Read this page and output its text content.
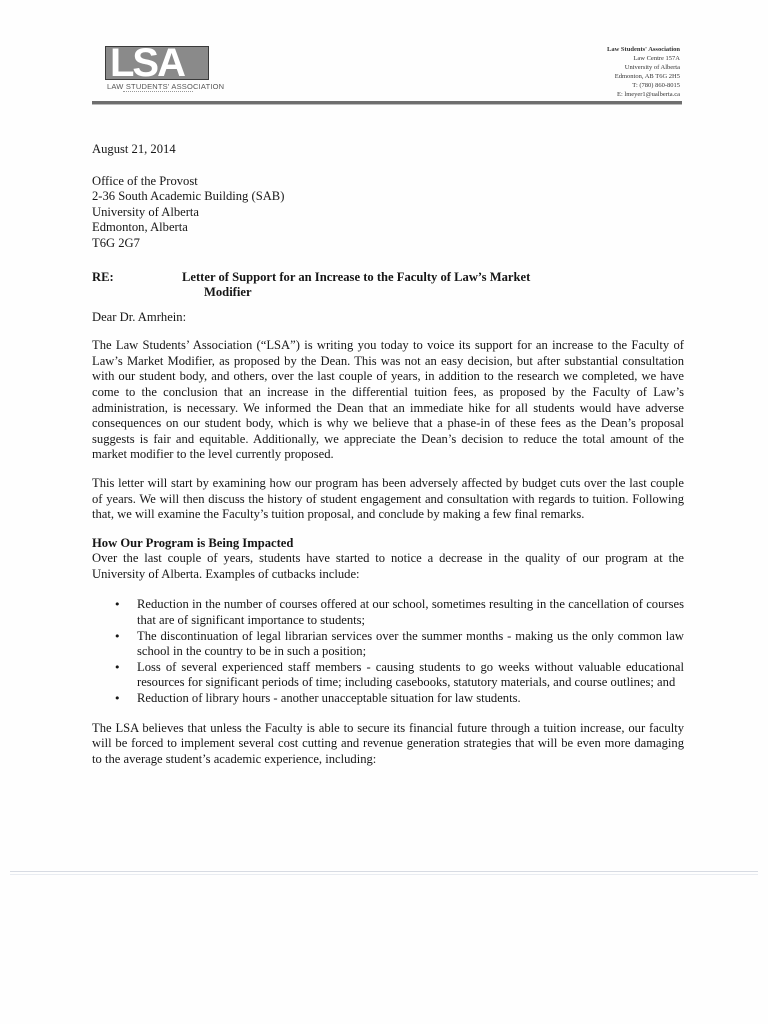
LSA
LAW STUDENTS' ASSOCIATION
Law Students' Association
Law Centre 157A
University of Alberta
Edmonton, AB T6G 2H5
T: (780) 860-8015
E: lmeyer1@ualberta.ca

August 21, 2014

Office of the Provost

2-36 South Academic Building (SAB)

University of Alberta

Edmonton, Alberta

T6G 2G7

RE:	Letter of Support for an Increase to the Faculty of Law’s Market
Modifier

Dear Dr. Amrhein:

The Law Students’ Association (“LSA”) is writing you today to voice its support for an increase to the Faculty of Law’s Market Modifier, as proposed by the Dean. This was not an easy decision, but after substantial consultation with our student body, and others, over the last couple of years, in addition to the research we completed, we have come to the conclusion that an increase in the differential tuition fees, as proposed by the Faculty of Law’s administration, is necessary. We informed the Dean that an immediate hike for all students would have adverse consequences on our student body, which is why we believe that a phase-in of these fees as the Dean’s proposal suggests is fair and equitable. Additionally, we appreciate the Dean’s decision to reduce the total amount of the market modifier to the level currently proposed.

This letter will start by examining how our program has been adversely affected by budget cuts over the last couple of years. We will then discuss the history of student engagement and consultation with regards to tuition. Following that, we will examine the Faculty’s tuition proposal, and conclude by making a few final remarks.

How Our Program is Being Impacted

Over the last couple of years, students have started to notice a decrease in the quality of our program at the University of Alberta. Examples of cutbacks include:

• Reduction in the number of courses offered at our school, sometimes resulting in the cancellation of courses that are of significant importance to students;
• The discontinuation of legal librarian services over the summer months - making us the only common law school in the country to be in such a position;
• Loss of several experienced staff members - causing students to go weeks without valuable educational resources for significant periods of time; including casebooks, statutory materials, and course outlines; and
• Reduction of library hours - another unacceptable situation for law students.

The LSA believes that unless the Faculty is able to secure its financial future through a tuition increase, our faculty will be forced to implement several cost cutting and revenue generation strategies that will be even more damaging to the average student’s academic experience, including:
